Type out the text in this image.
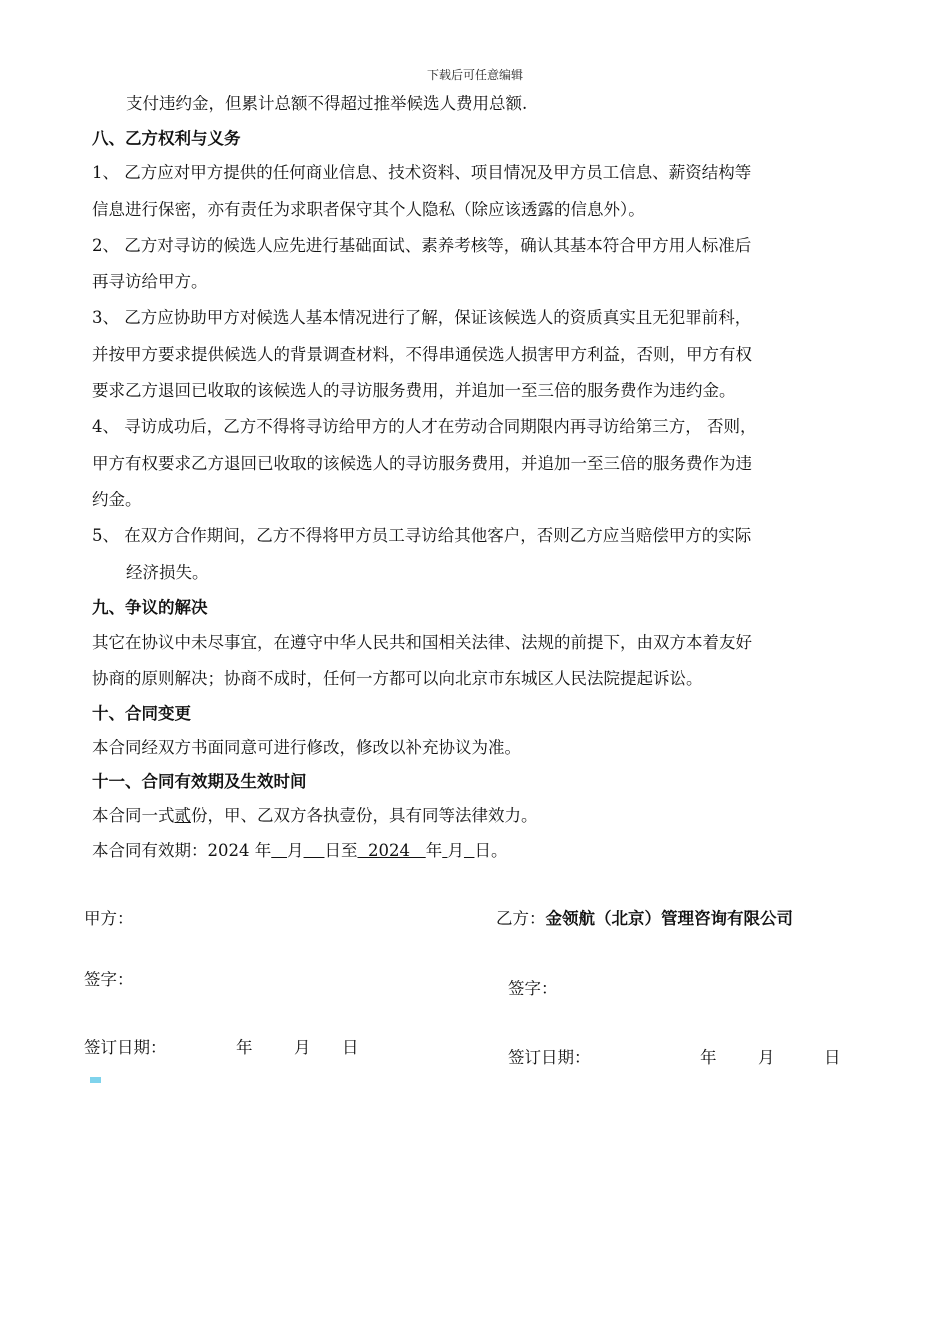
下载后可任意编辑
支付违约金，但累计总额不得超过推举候选人费用总额.
八、乙方权利与义务
1、 乙方应对甲方提供的任何商业信息、技术资料、项目情况及甲方员工信息、薪资结构等
信息进行保密，亦有责任为求职者保守其个人隐私（除应该透露的信息外）。
2、 乙方对寻访的候选人应先进行基础面试、素养考核等，确认其基本符合甲方用人标准后
再寻访给甲方。
3、 乙方应协助甲方对候选人基本情况进行了解，保证该候选人的资质真实且无犯罪前科，
并按甲方要求提供候选人的背景调查材料，不得串通侯选人损害甲方利益，否则，甲方有权
要求乙方退回已收取的该候选人的寻访服务费用，并追加一至三倍的服务费作为违约金。
4、 寻访成功后，乙方不得将寻访给甲方的人才在劳动合同期限内再寻访给第三方， 否则，
甲方有权要求乙方退回已收取的该候选人的寻访服务费用，并追加一至三倍的服务费作为违
约金。
5、 在双方合作期间，乙方不得将甲方员工寻访给其他客户，否则乙方应当赔偿甲方的实际
经济损失。
九、争议的解决
其它在协议中未尽事宜，在遵守中华人民共和国相关法律、法规的前提下，由双方本着友好
协商的原则解决；协商不成时，任何一方都可以向北京市东城区人民法院提起诉讼。
十、合同变更
本合同经双方书面同意可进行修改，修改以补充协议为准。
十一、合同有效期及生效时间
本合同一式贰份，甲、乙双方各执壹份，具有同等法律效力。
本合同有效期：2024 年 月 日至  2024   年 月 日。
甲方：	乙方：金领航（北京）管理咨询有限公司
签字：	签字：
签订日期：	年	月 日
签订日期：	年	月	日
